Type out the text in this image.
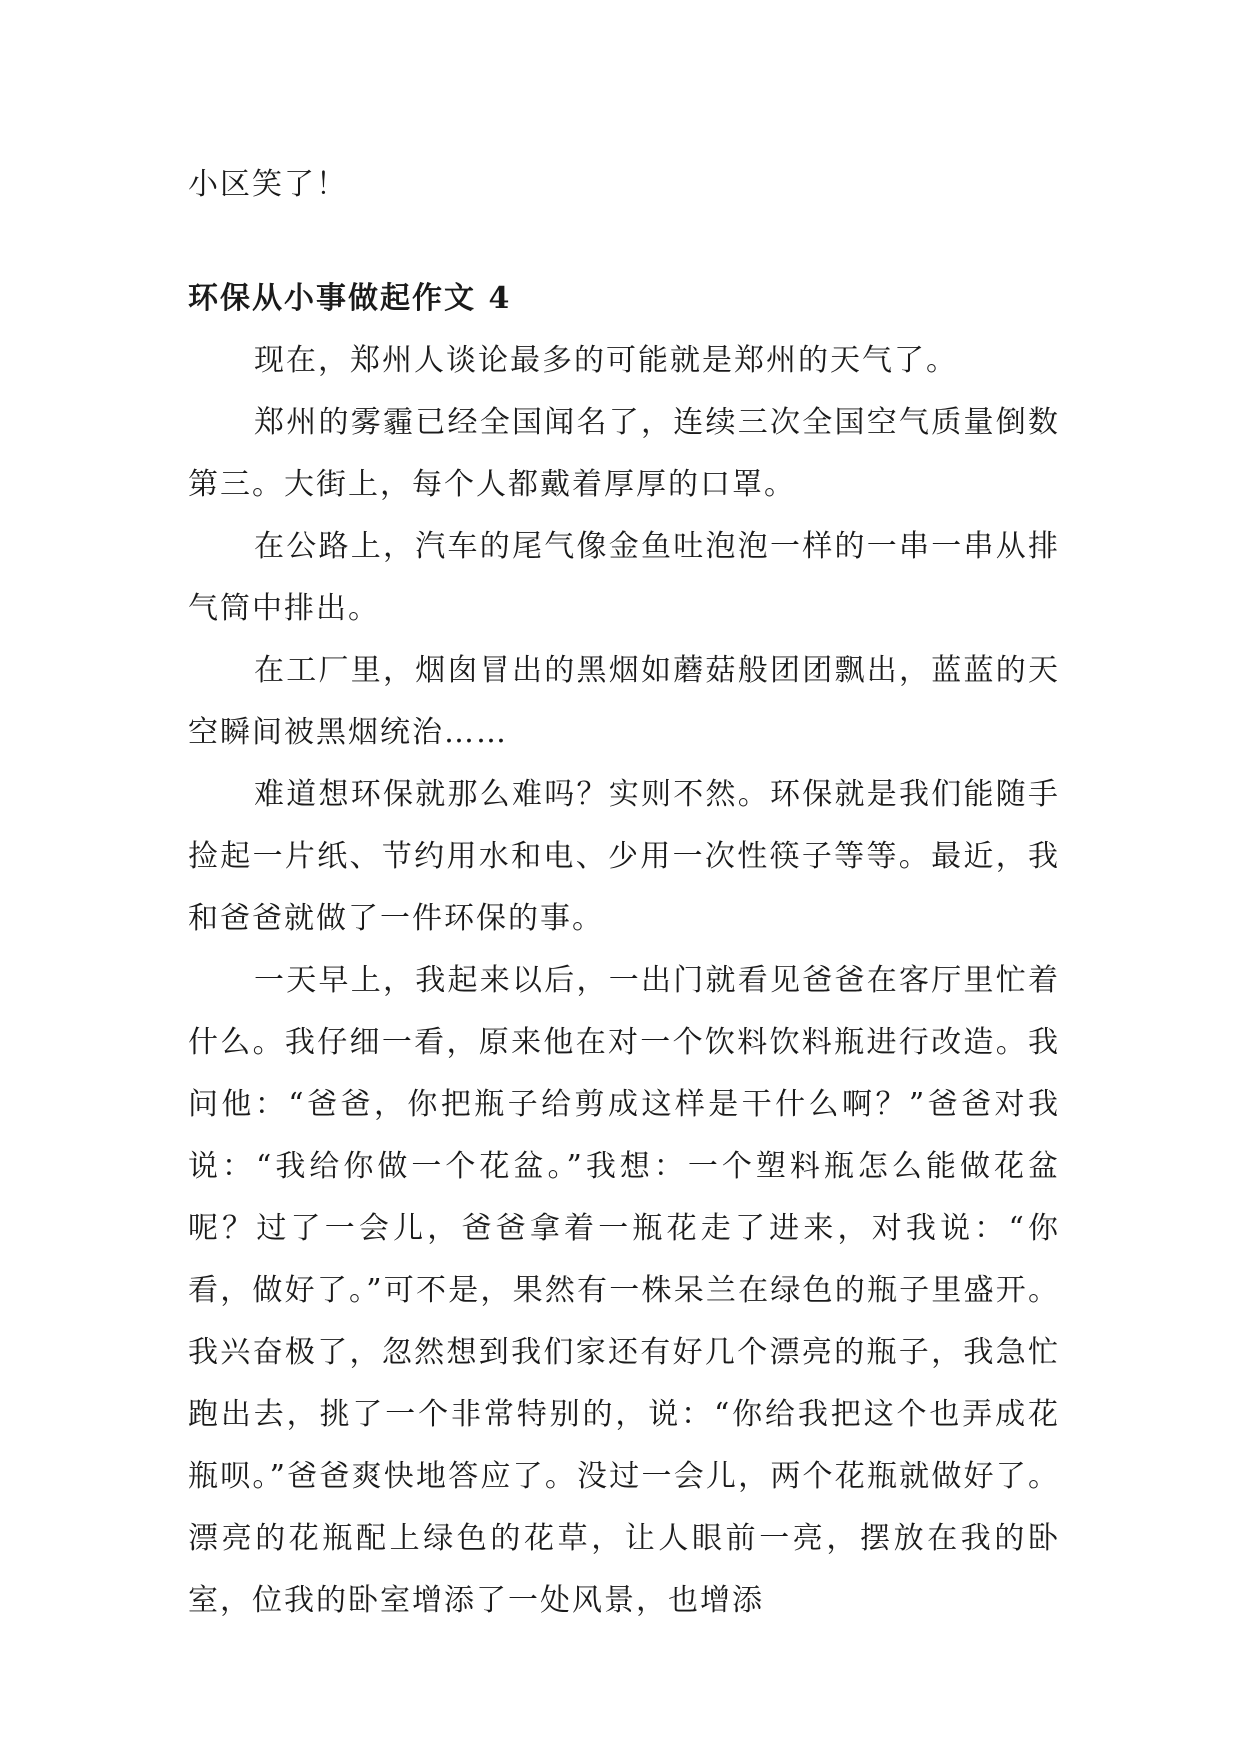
小区笑了！
环保从小事做起作文 4

现在，郑州人谈论最多的可能就是郑州的天气了。

郑州的雾霾已经全国闻名了，连续三次全国空气质量倒数第三。大街上，每个人都戴着厚厚的口罩。

在公路上，汽车的尾气像金鱼吐泡泡一样的一串一串从排气筒中排出。

在工厂里，烟囱冒出的黑烟如蘑菇般团团飘出，蓝蓝的天空瞬间被黑烟统治……

难道想环保就那么难吗？实则不然。环保就是我们能随手捡起一片纸、节约用水和电、少用一次性筷子等等。最近，我和爸爸就做了一件环保的事。

一天早上，我起来以后，一出门就看见爸爸在客厅里忙着什么。我仔细一看，原来他在对一个饮料饮料瓶进行改造。我问他：“爸爸，你把瓶子给剪成这样是干什么啊？”爸爸对我说：“我给你做一个花盆。”我想：一个塑料瓶怎么能做花盆呢？过了一会儿，爸爸拿着一瓶花走了进来，对我说：“你看，做好了。”可不是，果然有一株呆兰在绿色的瓶子里盛开。我兴奋极了，忽然想到我们家还有好几个漂亮的瓶子，我急忙跑出去，挑了一个非常特别的，说：“你给我把这个也弄成花瓶呗。”爸爸爽快地答应了。没过一会儿，两个花瓶就做好了。漂亮的花瓶配上绿色的花草，让人眼前一亮，摆放在我的卧室，位我的卧室增添了一处风景，也增添
